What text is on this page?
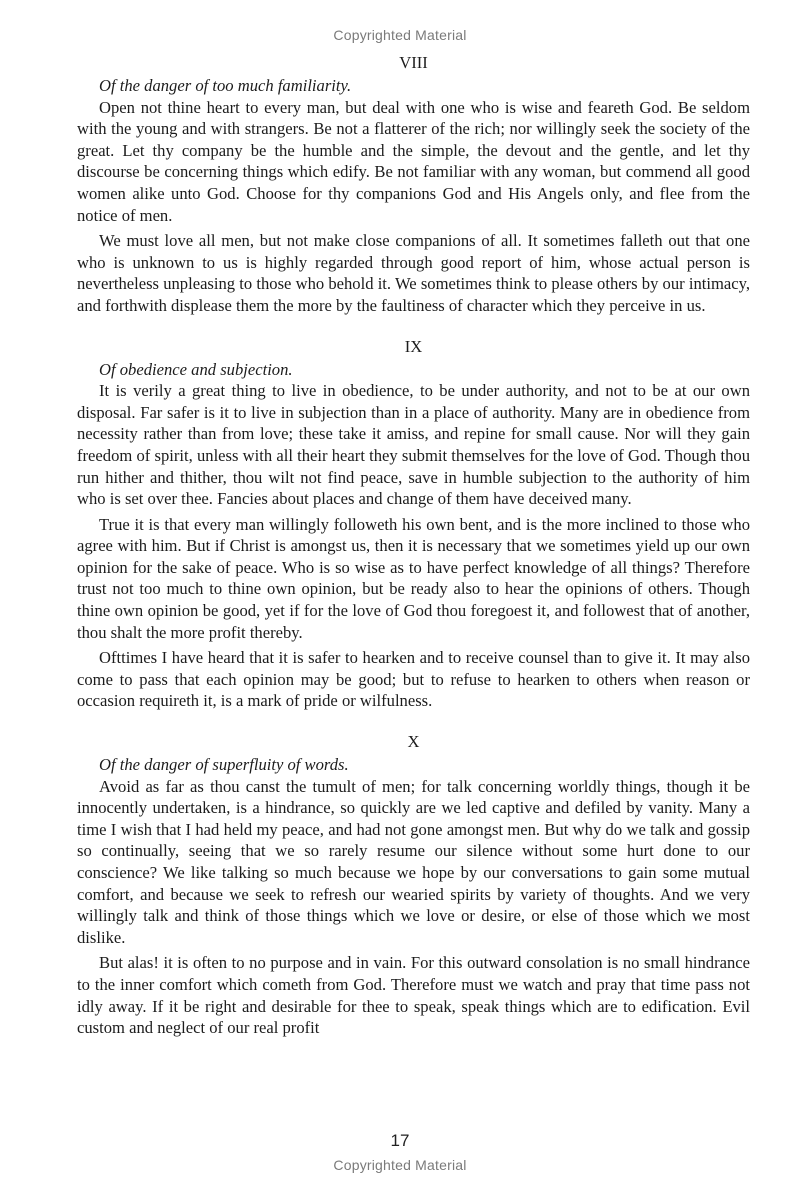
Copyrighted Material
VIII

Of the danger of too much familiarity.

Open not thine heart to every man, but deal with one who is wise and feareth God. Be seldom with the young and with strangers. Be not a flatterer of the rich; nor willingly seek the society of the great. Let thy company be the humble and the simple, the devout and the gentle, and let thy discourse be concerning things which edify. Be not familiar with any woman, but commend all good women alike unto God. Choose for thy companions God and His Angels only, and flee from the notice of men.

We must love all men, but not make close companions of all. It sometimes falleth out that one who is unknown to us is highly regarded through good report of him, whose actual person is nevertheless unpleasing to those who behold it. We sometimes think to please others by our intimacy, and forthwith displease them the more by the faultiness of character which they perceive in us.

IX

Of obedience and subjection.

It is verily a great thing to live in obedience, to be under authority, and not to be at our own disposal. Far safer is it to live in subjection than in a place of authority. Many are in obedience from necessity rather than from love; these take it amiss, and repine for small cause. Nor will they gain freedom of spirit, unless with all their heart they submit themselves for the love of God. Though thou run hither and thither, thou wilt not find peace, save in humble subjection to the authority of him who is set over thee. Fancies about places and change of them have deceived many.

True it is that every man willingly followeth his own bent, and is the more inclined to those who agree with him. But if Christ is amongst us, then it is necessary that we sometimes yield up our own opinion for the sake of peace. Who is so wise as to have perfect knowledge of all things? Therefore trust not too much to thine own opinion, but be ready also to hear the opinions of others. Though thine own opinion be good, yet if for the love of God thou foregoest it, and followest that of another, thou shalt the more profit thereby.

Ofttimes I have heard that it is safer to hearken and to receive counsel than to give it. It may also come to pass that each opinion may be good; but to refuse to hearken to others when reason or occasion requireth it, is a mark of pride or wilfulness.

X

Of the danger of superfluity of words.

Avoid as far as thou canst the tumult of men; for talk concerning worldly things, though it be innocently undertaken, is a hindrance, so quickly are we led captive and defiled by vanity. Many a time I wish that I had held my peace, and had not gone amongst men. But why do we talk and gossip so continually, seeing that we so rarely resume our silence without some hurt done to our conscience? We like talking so much because we hope by our conversations to gain some mutual comfort, and because we seek to refresh our wearied spirits by variety of thoughts. And we very willingly talk and think of those things which we love or desire, or else of those which we most dislike.

But alas! it is often to no purpose and in vain. For this outward consolation is no small hindrance to the inner comfort which cometh from God. Therefore must we watch and pray that time pass not idly away. If it be right and desirable for thee to speak, speak things which are to edification. Evil custom and neglect of our real profit

17
Copyrighted Material
